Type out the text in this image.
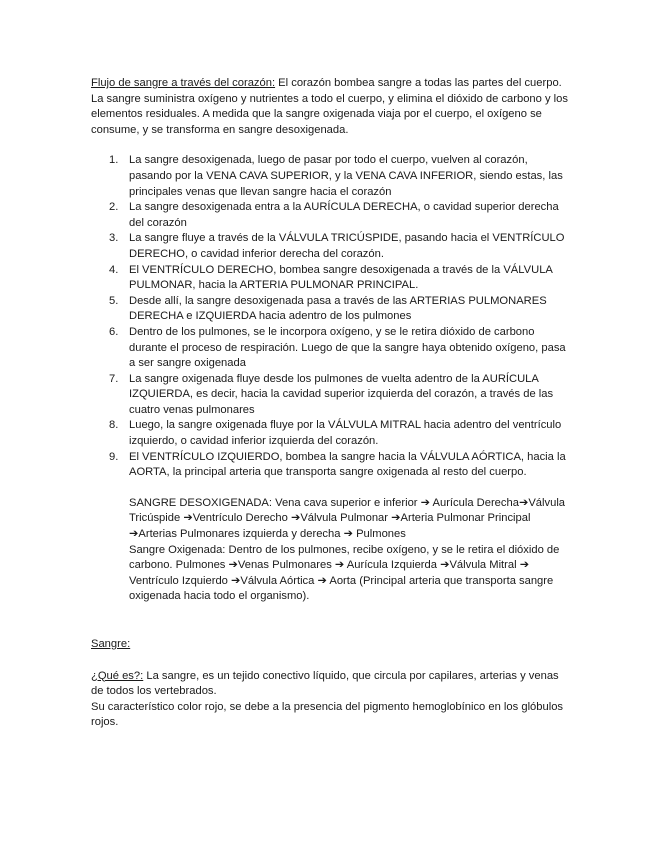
Flujo de sangre a través del corazón: El corazón bombea sangre a todas las partes del cuerpo. La sangre suministra oxígeno y nutrientes a todo el cuerpo, y elimina el dióxido de carbono y los elementos residuales. A medida que la sangre oxigenada viaja por el cuerpo, el oxígeno se consume, y se transforma en sangre desoxigenada.

1. La sangre desoxigenada, luego de pasar por todo el cuerpo, vuelven al corazón, pasando por la VENA CAVA SUPERIOR, y la VENA CAVA INFERIOR, siendo estas, las principales venas que llevan sangre hacia el corazón
2. La sangre desoxigenada entra a la AURÍCULA DERECHA, o cavidad superior derecha del corazón
3. La sangre fluye a través de la VÁLVULA TRICÚSPIDE, pasando hacia el VENTRÍCULO DERECHO, o cavidad inferior derecha del corazón.
4. El VENTRÍCULO DERECHO, bombea sangre desoxigenada a través de la VÁLVULA PULMONAR, hacia la ARTERIA PULMONAR PRINCIPAL.
5. Desde allí, la sangre desoxigenada pasa a través de las ARTERIAS PULMONARES DERECHA e IZQUIERDA hacia adentro de los pulmones
6. Dentro de los pulmones, se le incorpora oxígeno, y se le retira dióxido de carbono durante el proceso de respiración. Luego de que la sangre haya obtenido oxígeno, pasa a ser sangre oxigenada
7. La sangre oxigenada fluye desde los pulmones de vuelta adentro de la AURÍCULA IZQUIERDA, es decir, hacia la cavidad superior izquierda del corazón, a través de las cuatro venas pulmonares
8. Luego, la sangre oxigenada fluye por la VÁLVULA MITRAL hacia adentro del ventrículo izquierdo, o cavidad inferior izquierda del corazón.
9. El VENTRÍCULO IZQUIERDO, bombea la sangre hacia la VÁLVULA AÓRTICA, hacia la AORTA, la principal arteria que transporta sangre oxigenada al resto del cuerpo.
SANGRE DESOXIGENADA: Vena cava superior e inferior ➔ Aurícula Derecha➔Válvula Tricúspide ➔Ventrículo Derecho ➔Válvula Pulmonar ➔Arteria Pulmonar Principal ➔Arterias Pulmonares izquierda y derecha ➔ Pulmones
Sangre Oxigenada: Dentro de los pulmones, recibe oxígeno, y se le retira el dióxido de carbono. Pulmones ➔Venas Pulmonares ➔ Aurícula Izquierda ➔Válvula Mitral ➔ Ventrículo Izquierdo ➔Válvula Aórtica ➔ Aorta (Principal arteria que transporta sangre oxigenada hacia todo el organismo).

Sangre:

¿Qué es?: La sangre, es un tejido conectivo líquido, que circula por capilares, arterias y venas de todos los vertebrados.

Su característico color rojo, se debe a la presencia del pigmento hemoglobínico en los glóbulos rojos.
